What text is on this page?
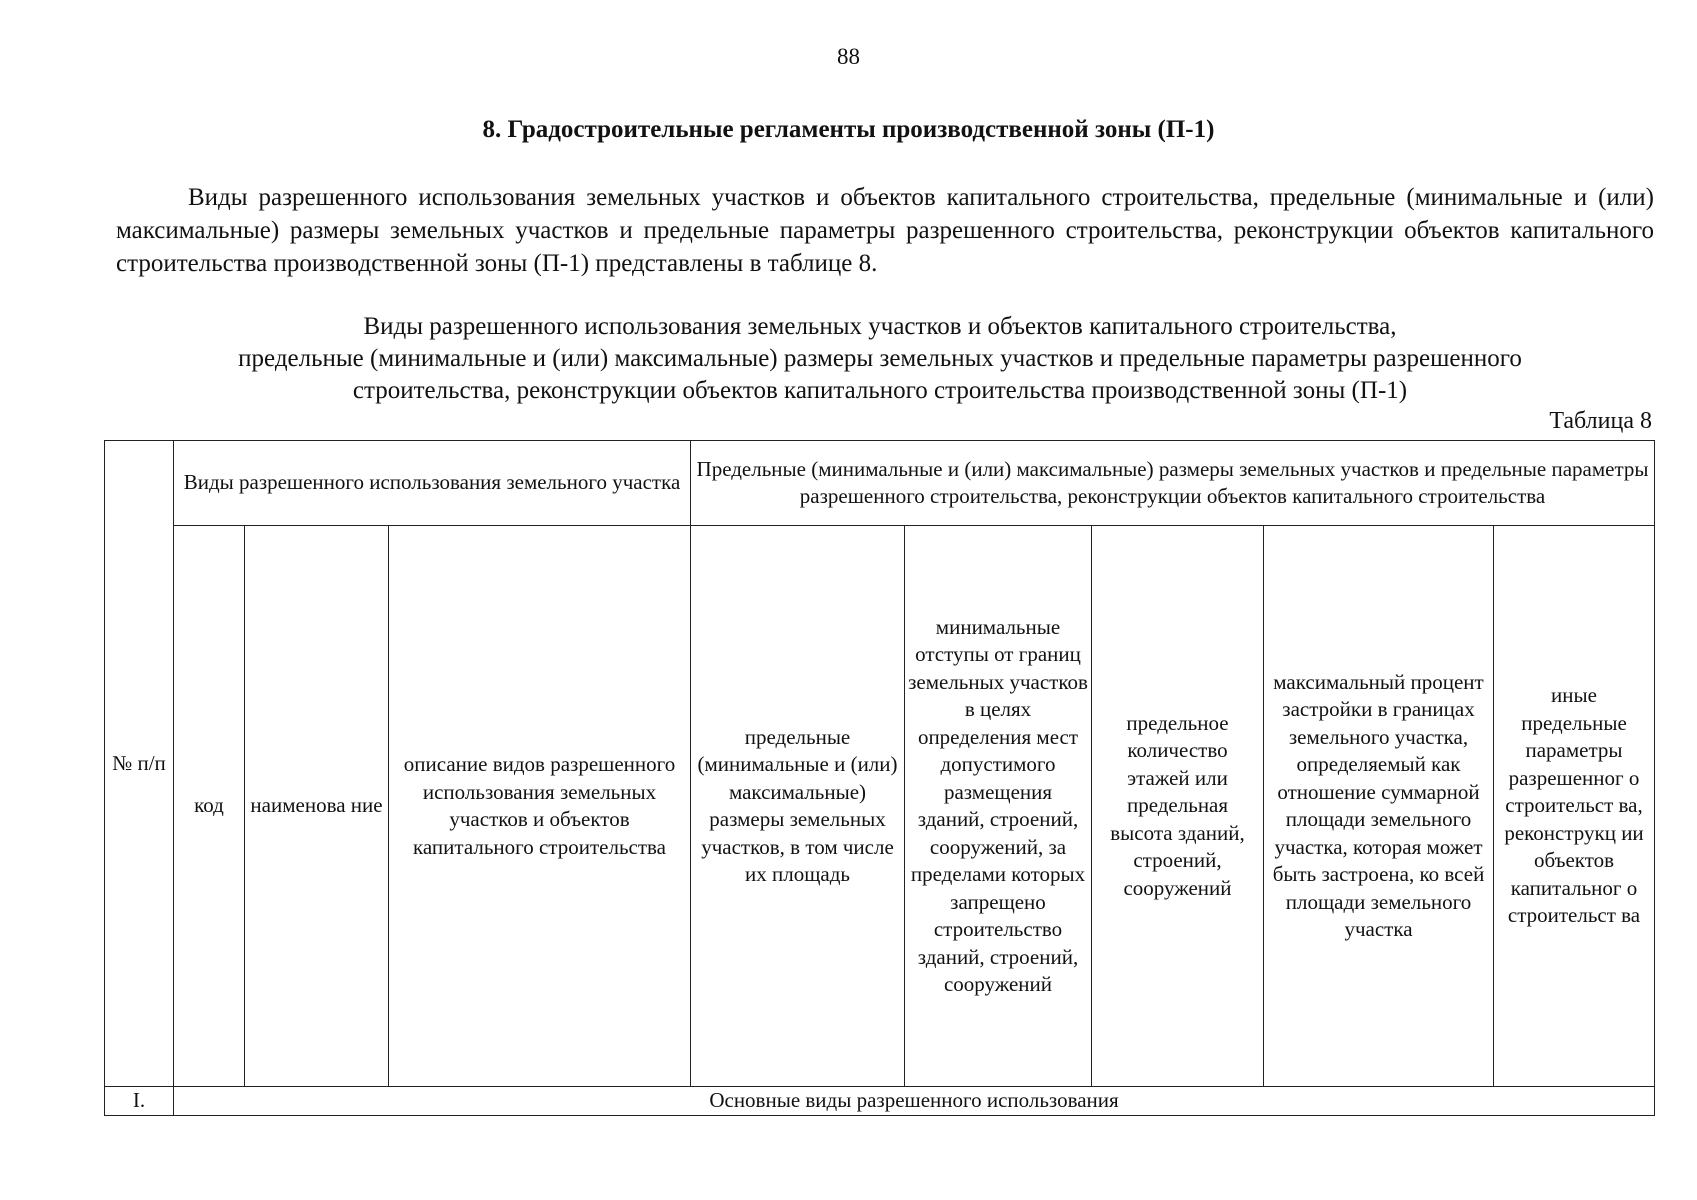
88
8. Градостроительные регламенты производственной зоны (П-1)

Виды разрешенного использования земельных участков и объектов капитального строительства, предельные (минимальные и (или) максимальные) размеры земельных участков и предельные параметры разрешенного строительства, реконструкции объектов капитального строительства производственной зоны (П-1) представлены в таблице 8.

Виды разрешенного использования земельных участков и объектов капитального строительства,
предельные (минимальные и (или) максимальные) размеры земельных участков и предельные параметры разрешенного
строительства, реконструкции объектов капитального строительства производственной зоны (П-1)
Таблица 8
№ п/п	Виды разрешенного использования земельного участка			Предельные (минимальные и (или) максимальные) размеры земельных участков и предельные параметры разрешенного строительства, реконструкции объектов капитального строительства				
	код	наименова ние	описание видов разрешенного использования земельных участков и объектов капитального строительства	предельные (минимальные и (или) максимальные) размеры земельных участков, в том числе их площадь	минимальные отступы от границ земельных участков в целях определения мест допустимого размещения зданий, строений, сооружений, за пределами которых запрещено строительство зданий, строений, сооружений	предельное количество этажей или предельная высота зданий, строений, сооружений	максимальный процент застройки в границах земельного участка, определяемый как отношение суммарной площади земельного участка, которая может быть застроена, ко всей площади земельного участка	иные предельные параметры разрешенног о строительст ва, реконструкц ии объектов капитальног о строительст ва
I.	Основные виды разрешенного использования							
